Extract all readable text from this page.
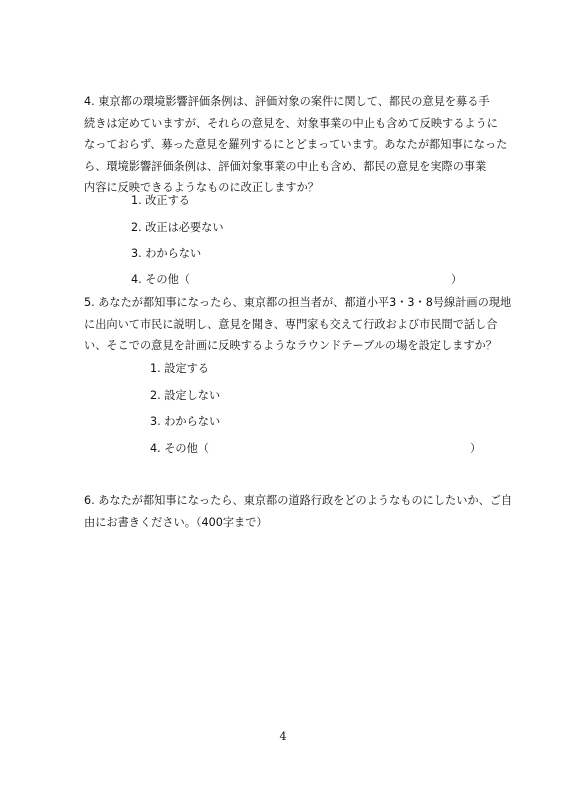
4. 東京都の環境影響評価条例は、評価対象の案件に関して、都民の意見を募る手
続きは定めていますが、それらの意見を、対象事業の中止も含めて反映するように
なっておらず、募った意見を羅列するにとどまっています。あなたが都知事になった
ら、環境影響評価条例は、評価対象事業の中止も含め、都民の意見を実際の事業
内容に反映できるようなものに改正しますか？
1. 改正する
2. 改正は必要ない
3. わからない
4. その他（	）
5. あなたが都知事になったら、東京都の担当者が、都道小平3・3・8号線計画の現地
に出向いて市民に説明し、意見を聞き、専門家も交えて行政および市民間で話し合
い、そこでの意見を計画に反映するようなラウンドテーブルの場を設定しますか？
1. 設定する
2. 設定しない
3. わからない
4. その他（	）
6. あなたが都知事になったら、東京都の道路行政をどのようなものにしたいか、ご自
由にお書きください。（400字まで）
4
